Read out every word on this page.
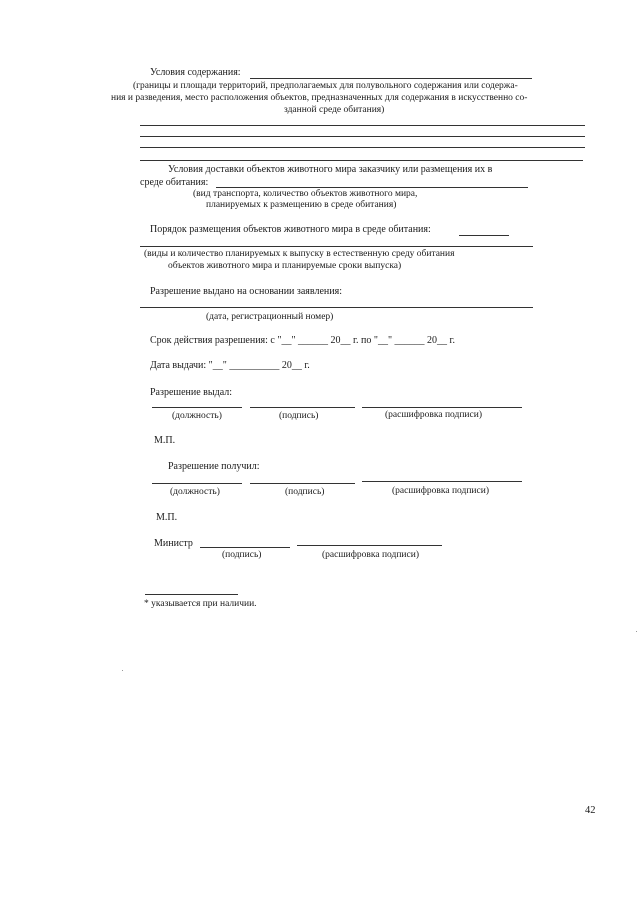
Условия содержания:
(границы и площади территорий, предполагаемых для полувольного содержания или содержа-
ния и разведения, место расположения объектов, предназначенных для содержания в искусственно со-
зданной среде обитания)
Условия доставки объектов животного мира заказчику или размещения их в
среде обитания:
(вид транспорта, количество объектов животного мира,
планируемых к размещению в среде обитания)
Порядок размещения объектов животного мира в среде обитания:
(виды и количество планируемых к выпуску в естественную среду обитания
объектов животного мира и планируемые сроки выпуска)
Разрешение выдано на основании заявления:
(дата, регистрационный номер)
Срок действия разрешения: с "__" ______ 20__ г. по "__" ______ 20__ г.
Дата выдачи: "__" __________ 20__ г.
Разрешение выдал:
(должность)	(подпись)	(расшифровка подписи)
М.П.
Разрешение получил:
(должность)	(подпись)	(расшифровка подписи)
М.П.
Министр
(подпись)	(расшифровка подписи)
* указывается при наличии.
42
